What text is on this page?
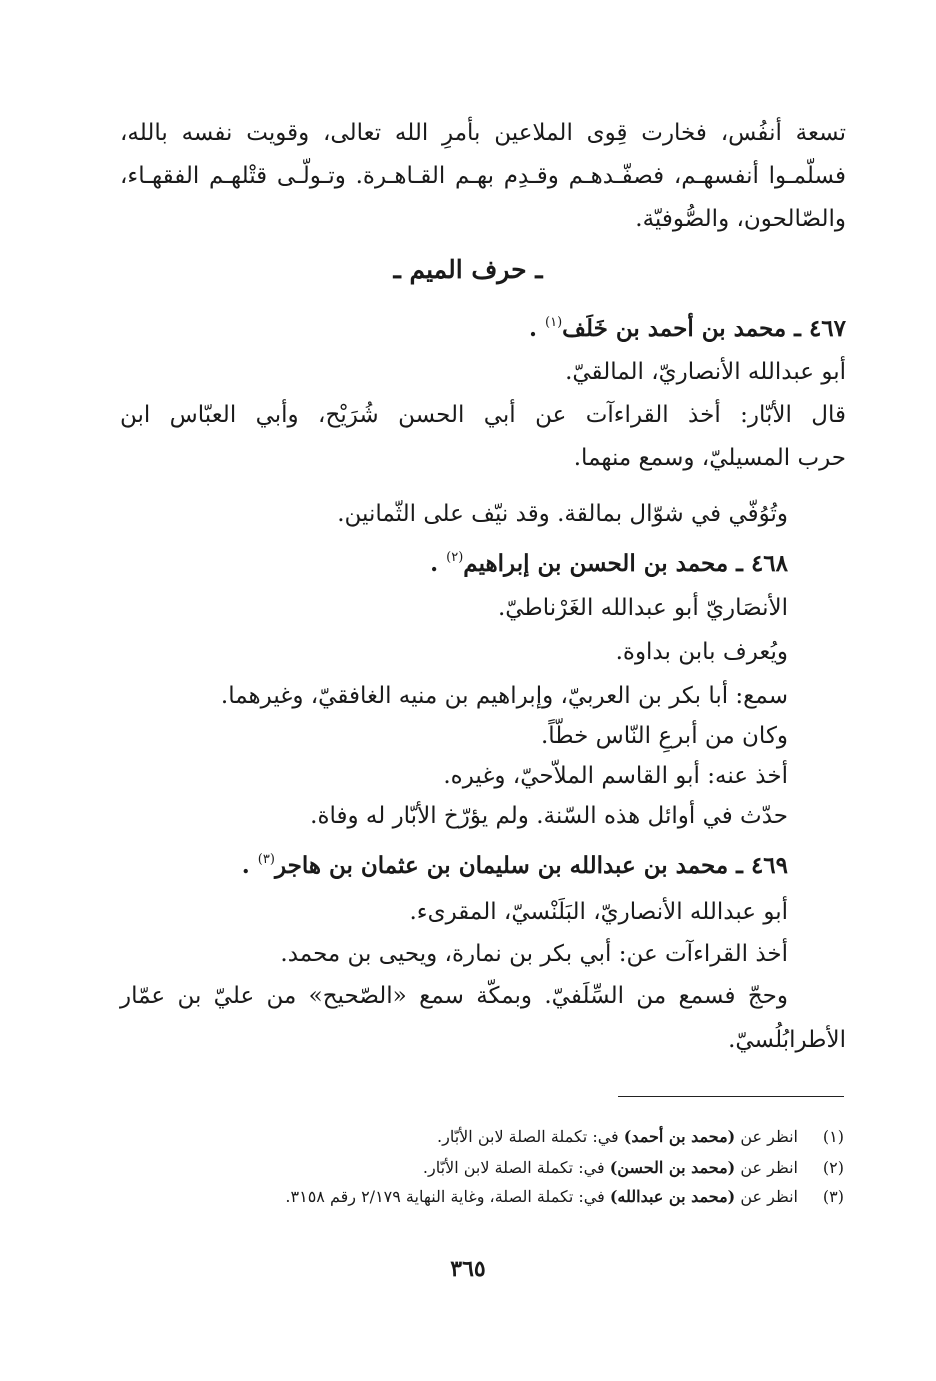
تسعة أنفُس، فخارت قِوى الملاعين بأمرِ الله تعالى، وقويت نفسه بالله،
فسلّمـوا أنفسهـم، فصفّـدهـم وقـدِم بهـم القـاهـرة. وتـولّـى قتْلهـم الفقهـاء،
والصّالحون، والصُّوفيّة.
ـ حرف الميم ـ
٤٦٧ ـ محمد بن أحمد بن خَلَف$^{(١)}$ .
أبو عبدالله الأنصاريّ، المالقيّ.
قال الأبّار: أخذ القراءآت عن أبي الحسن شُرَيْح، وأبي العبّاس ابن
حرب المسيليّ، وسمع منهما.
وتُوُفّي في شوّال بمالقة. وقد نيّف على الثّمانين.
٤٦٨ ـ محمد بن الحسن بن إبراهيم$^{(٢)}$ .
الأنصَاريّ أبو عبدالله الغَرْناطيّ.
ويُعرف بابن بداوة.
سمع: أبا بكر بن العربيّ، وإبراهيم بن منيه الغافقيّ، وغيرهما.
وكان من أبرعِ النّاس خطّاً.
أخذ عنه: أبو القاسم الملاّحيّ، وغيره.
حدّث في أوائل هذه السّنة. ولم يؤرّخ الأبّار له وفاة.
٤٦٩ ـ محمد بن عبدالله بن سليمان بن عثمان بن هاجر$^{(٣)}$ .
أبو عبدالله الأنصاريّ، البَلَنْسيّ، المقرىء.
أخذ القراءآت عن: أبي بكر بن نمارة، ويحيى بن محمد.
وحجّ فسمع من السِّلَفيّ. وبمكّة سمع «الصّحيح» من عليّ بن عمّار
الأطرابُلُسيّ.
(١)انظر عن (محمد بن أحمد) في: تكملة الصلة لابن الأبّار.
(٢)انظر عن (محمد بن الحسن) في: تكملة الصلة لابن الأبّار.
(٣)انظر عن (محمد بن عبدالله) في: تكملة الصلة، وغاية النهاية ٢/١٧٩ رقم ٣١٥٨.
٣٦٥
